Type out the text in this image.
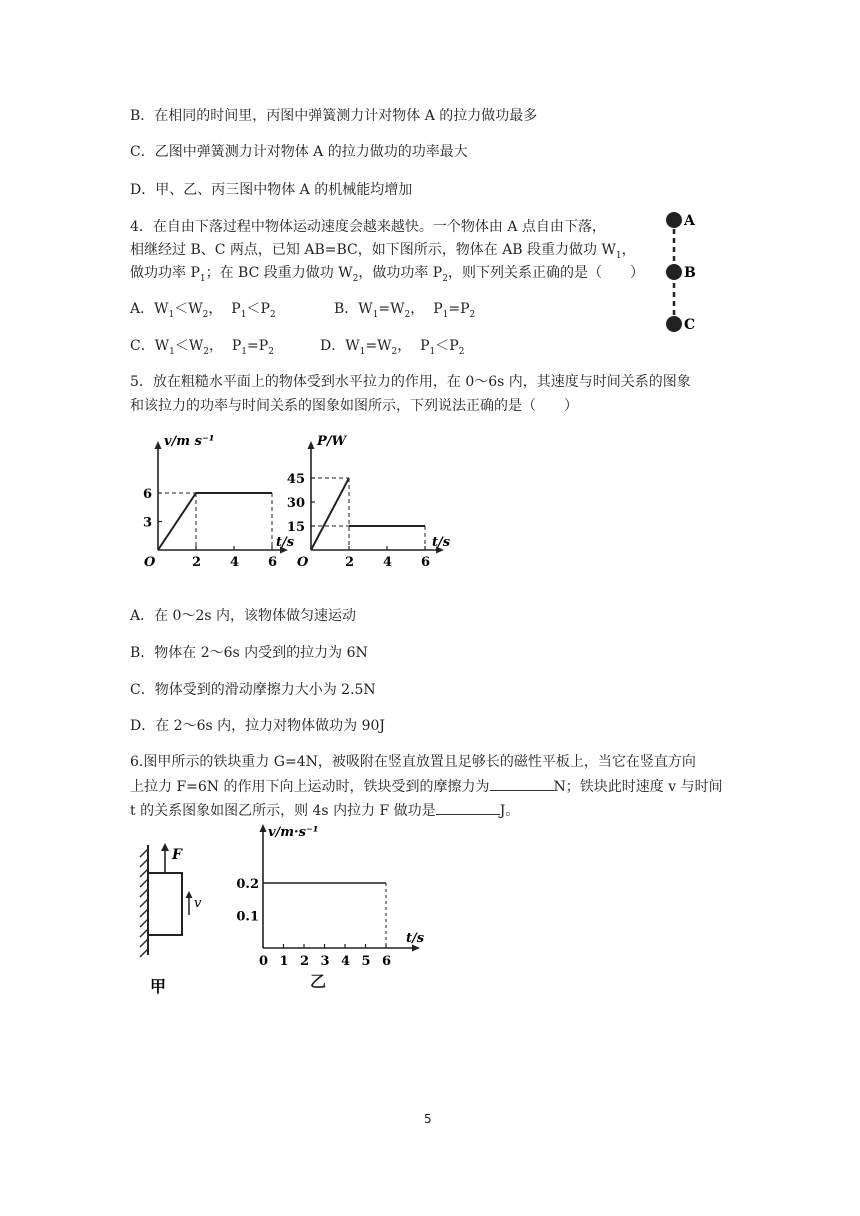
B．在相同的时间里，丙图中弹簧测力计对物体 A 的拉力做功最多
C．乙图中弹簧测力计对物体 A 的拉力做功的功率最大
D．甲、乙、丙三图中物体 A 的机械能均增加
4．在自由下落过程中物体运动速度会越来越快。一个物体由 A 点自由下落，
相继经过 B、C 两点，已知 AB=BC，如下图所示，物体在 AB 段重力做功 $W_1$，
做功功率 $P_1$；在 BC 段重力做功 $W_2$，做功功率 $P_2$，则下列关系正确的是（　　）
A．$W_1<W_2$， $P_1<P_2$	B．$W_1=W_2$， $P_1=P_2$
C．$W_1<W_2$， $P_1=P_2$	D．$W_1=W_2$， $P_1<P_2$
A
B
C
5．放在粗糙水平面上的物体受到水平拉力的作用，在 0～6s 内，其速度与时间关系的图象
和该拉力的功率与时间关系的图象如图所示，下列说法正确的是（　　）
t/s
v/m s⁻¹
O	2 4 6
3
6
t/s
P/W
O	2 4 6
15
30
45
A．在 0～2s 内，该物体做匀速运动
B．物体在 2～6s 内受到的拉力为 6N
C．物体受到的滑动摩擦力大小为 2.5N
D．在 2～6s 内，拉力对物体做功为 90J
6.图甲所示的铁块重力 G=4N，被吸附在竖直放置且足够长的磁性平板上，当它在竖直方向
上拉力 F=6N 的作用下向上运动时，铁块受到的摩擦力为	N；铁块此时速度 v 与时间
t 的关系图象如图乙所示，则 4s 内拉力 F 做功是	J。
F
v
甲
t/s
v/m·s⁻¹
0 1 2 3 4 5 6
0.1
0.2
乙
5
